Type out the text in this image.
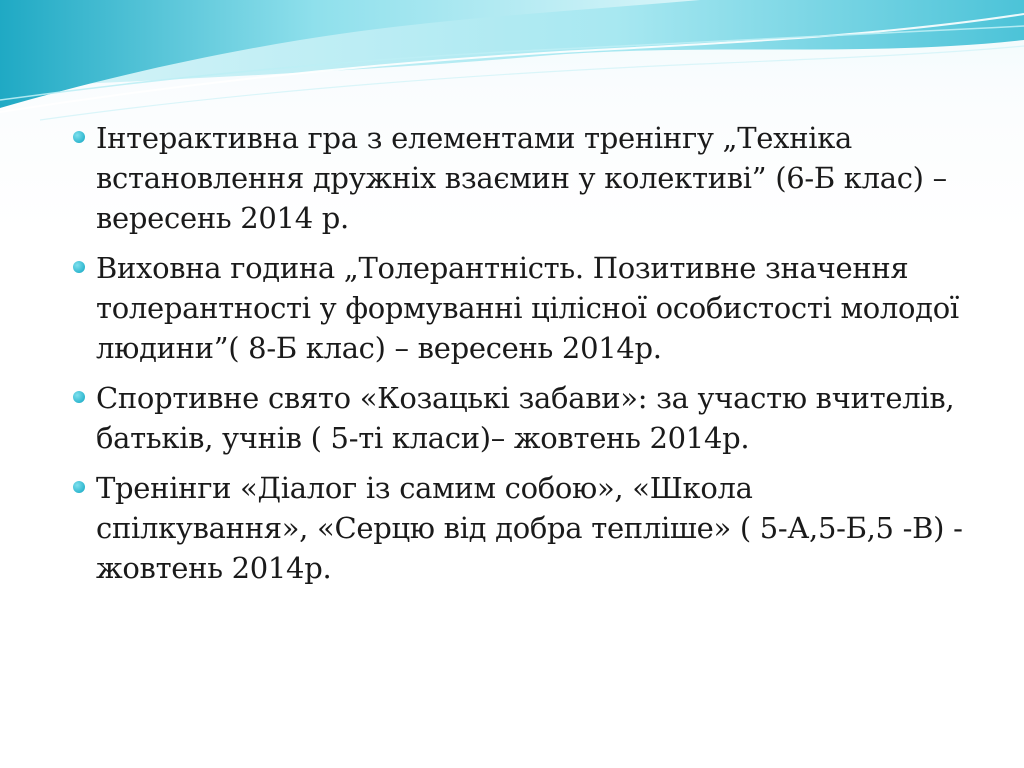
Інтерактивна гра з елементами тренінгу „Техніка встановлення дружніх взаємин у колективі” (6-Б клас) –вересень 2014 р.
Виховна година „Толерантність. Позитивне значення толерантності у формуванні цілісної особистості молодої людини”( 8-Б клас) – вересень 2014р.
Спортивне свято «Козацькі забави»: за участю вчителів, батьків, учнів ( 5-ті класи)– жовтень 2014р.
Тренінги «Діалог із самим собою», «Школа спілкування», «Серцю від добра тепліше» ( 5-А,5-Б,5 -В) - жовтень 2014р.
